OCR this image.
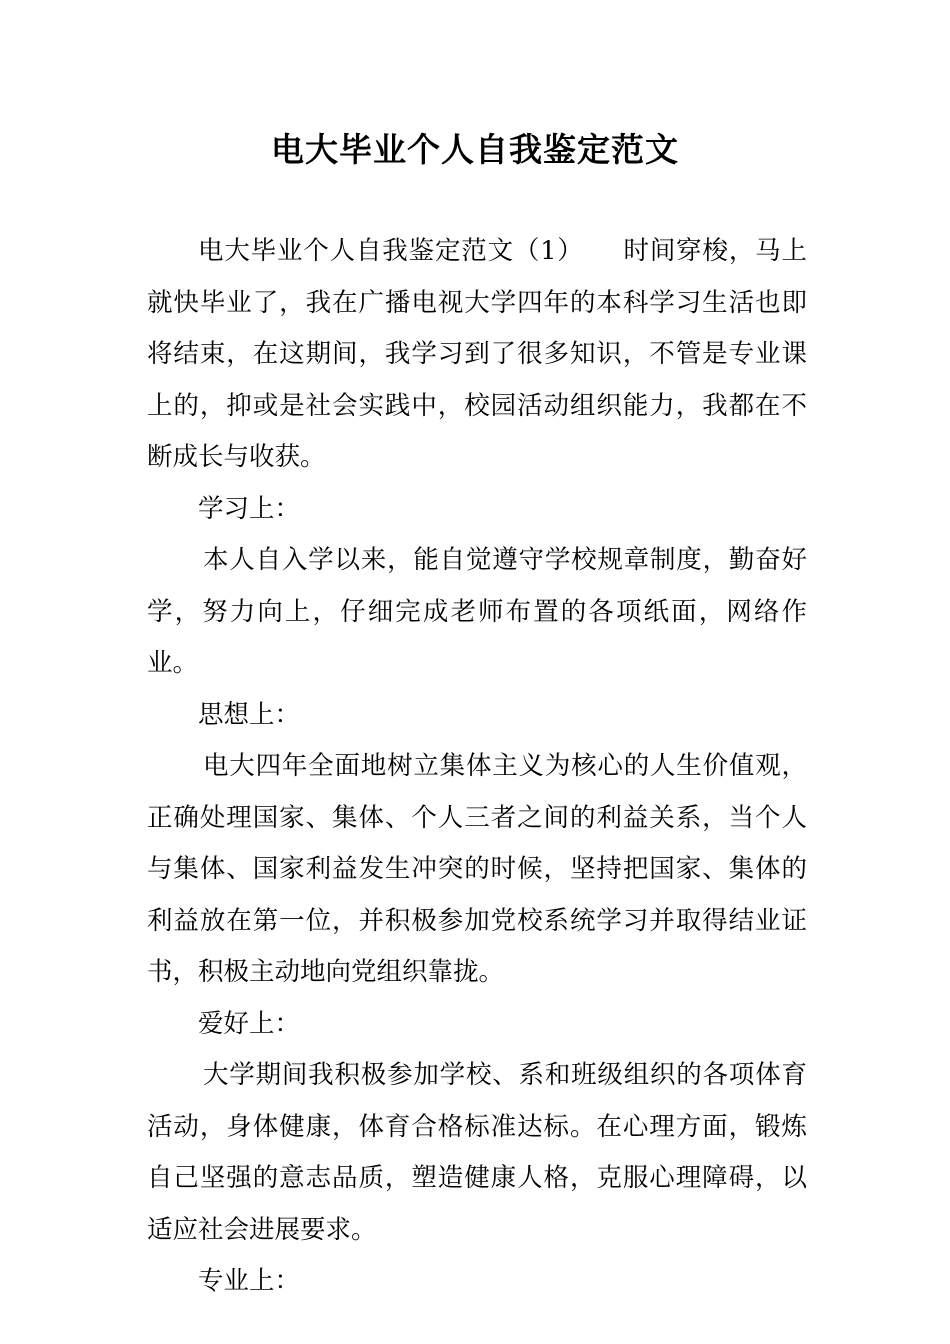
电大毕业个人自我鉴定范文

电大毕业个人自我鉴定范文（1）　　时间穿梭，马上就快毕业了，我在广播电视大学四年的本科学习生活也即将结束，在这期间，我学习到了很多知识，不管是专业课上的，抑或是社会实践中，校园活动组织能力，我都在不断成长与收获。

学习上：

本人自入学以来，能自觉遵守学校规章制度，勤奋好学，努力向上，仔细完成老师布置的各项纸面，网络作业。

思想上：

电大四年全面地树立集体主义为核心的人生价值观，正确处理国家、集体、个人三者之间的利益关系，当个人与集体、国家利益发生冲突的时候，坚持把国家、集体的利益放在第一位，并积极参加党校系统学习并取得结业证书，积极主动地向党组织靠拢。

爱好上：

大学期间我积极参加学校、系和班级组织的各项体育活动，身体健康，体育合格标准达标。在心理方面，锻炼自己坚强的意志品质，塑造健康人格，克服心理障碍，以适应社会进展要求。

专业上：
